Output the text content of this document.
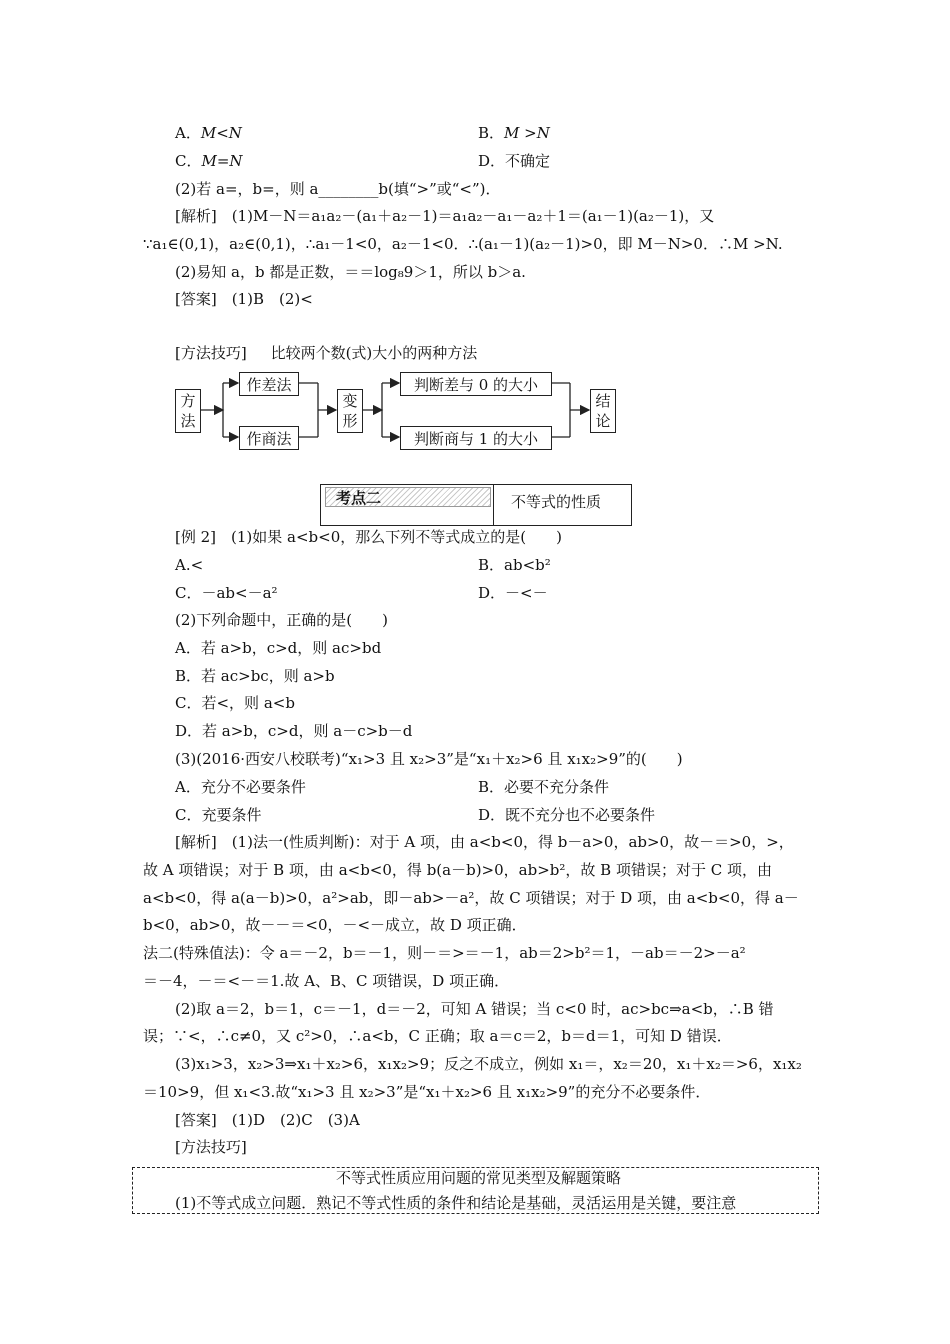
A．M<N	B．M >N
C．M=N	D．不确定
(2)若 a=，b=，则 a________b(填“>”或“<”)．
[解析]　(1)M－N＝a₁a₂－(a₁＋a₂－1)＝a₁a₂－a₁－a₂＋1＝(a₁－1)(a₂－1)，又
∵a₁∈(0,1)，a₂∈(0,1)，∴a₁－1<0，a₂－1<0．∴(a₁－1)(a₂－1)>0，即 M－N>0．∴M >N.
(2)易知 a，b 都是正数，＝＝log₈9＞1，所以 b＞a.
[答案]　(1)B　(2)<
[方法技巧] 比较两个数(式)大小的两种方法
方
法
作差法
作商法
变
形
判断差与 0 的大小
判断商与 1 的大小
结
论
考点二	不等式的性质
[例 2]　(1)如果 a<b<0，那么下列不等式成立的是(　　)
A.<	B．ab<b²
C．－ab<－a²	D．－<－
(2)下列命题中，正确的是(　　)
A．若 a>b，c>d，则 ac>bd
B．若 ac>bc，则 a>b
C．若<，则 a<b
D．若 a>b，c>d，则 a－c>b－d
(3)(2016·西安八校联考)“x₁>3 且 x₂>3”是“x₁＋x₂>6 且 x₁x₂>9”的(　　)
A．充分不必要条件	B．必要不充分条件
C．充要条件	D．既不充分也不必要条件
[解析]　(1)法一(性质判断)：对于 A 项，由 a<b<0，得 b－a>0，ab>0，故－＝>0，>，
故 A 项错误；对于 B 项，由 a<b<0，得 b(a－b)>0，ab>b²，故 B 项错误；对于 C 项，由
a<b<0，得 a(a－b)>0，a²>ab，即－ab>－a²，故 C 项错误；对于 D 项，由 a<b<0，得 a－
b<0，ab>0，故－－＝<0，－<－成立，故 D 项正确．
法二(特殊值法)：令 a＝－2，b＝－1，则－＝>＝－1，ab＝2>b²＝1，－ab＝－2>－a²
＝－4，－＝<－＝1.故 A、B、C 项错误，D 项正确．
(2)取 a＝2，b＝1，c＝－1，d＝－2，可知 A 错误；当 c<0 时，ac>bc⇒a<b，∴B 错
误；∵<，∴c≠0，又 c²>0，∴a<b，C 正确；取 a＝c＝2，b＝d＝1，可知 D 错误．
(3)x₁>3，x₂>3⇒x₁＋x₂>6，x₁x₂>9；反之不成立，例如 x₁＝，x₂＝20，x₁＋x₂＝>6，x₁x₂
＝10>9，但 x₁<3.故“x₁>3 且 x₂>3”是“x₁＋x₂>6 且 x₁x₂>9”的充分不必要条件．
[答案]　(1)D　(2)C　(3)A
[方法技巧]
不等式性质应用问题的常见类型及解题策略
(1)不等式成立问题．熟记不等式性质的条件和结论是基础，灵活运用是关键，要注意
